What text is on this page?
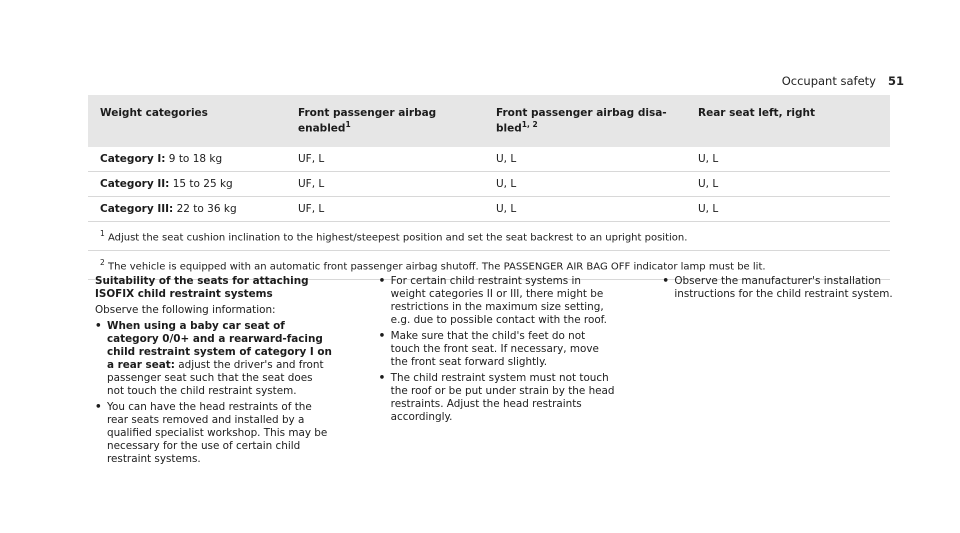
Occupant safety 51
Weight categories	Front passenger airbag enabled$^1$	Front passenger airbag disa-bled$^{1, 2}$	Rear seat left, right
Category I: 9 to 18 kg	UF, L	U, L	U, L
Category II: 15 to 25 kg	UF, L	U, L	U, L
Category III: 22 to 36 kg	UF, L	U, L	U, L
$^1$ Adjust the seat cushion inclination to the highest/steepest position and set the seat backrest to an upright position.			
$^2$ The vehicle is equipped with an automatic front passenger airbag shutoff. The PASSENGER AIR BAG OFF indicator lamp must be lit.			
Suitability of the seats for attaching ISOFIX child restraint systems

Observe the following information:

• When using a baby car seat of category 0/0+ and a rearward-facing child restraint system of category I on a rear seat: adjust the driver's and front passenger seat such that the seat does not touch the child restraint system.
• You can have the head restraints of the rear seats removed and installed by a qualified specialist workshop. This may be necessary for the use of certain child restraint systems.
• For certain child restraint systems in weight categories II or III, there might be restrictions in the maximum size setting, e.g. due to possible contact with the roof.
• Make sure that the child's feet do not touch the front seat. If necessary, move the front seat forward slightly.
• The child restraint system must not touch the roof or be put under strain by the head restraints. Adjust the head restraints accordingly.
• Observe the manufacturer's installation instructions for the child restraint system.
